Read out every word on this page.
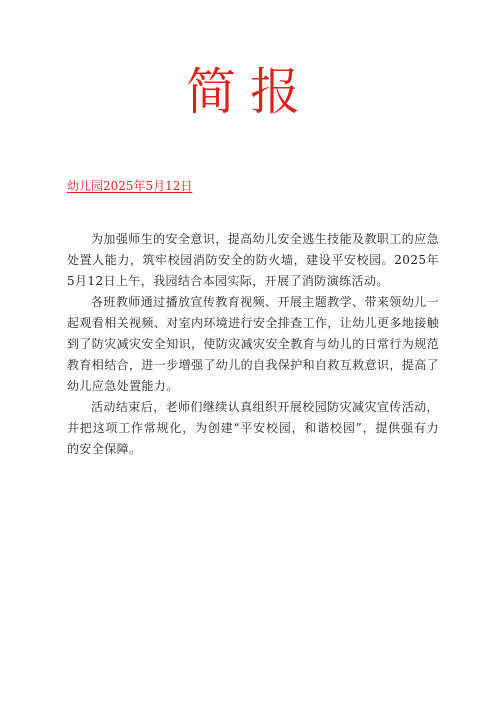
简报
幼儿园2025年5月12日

为加强师生的安全意识，提高幼儿安全逃生技能及教职工的应急处置人能力，筑牢校园消防安全的防火墙，建设平安校园。2025年5月12日上午，我园结合本园实际，开展了消防演练活动。

各班教师通过播放宣传教育视频、开展主题教学、带来领幼儿一起观看相关视频、对室内环境进行安全排查工作，让幼儿更多地接触到了防灾减灾安全知识，使防灾减灾安全教育与幼儿的日常行为规范教育相结合，进一步增强了幼儿的自我保护和自救互救意识，提高了幼儿应急处置能力。

活动结束后，老师们继续认真组织开展校园防灾减灾宣传活动，并把这项工作常规化，为创建“平安校园，和谐校园”，提供强有力的安全保障。
